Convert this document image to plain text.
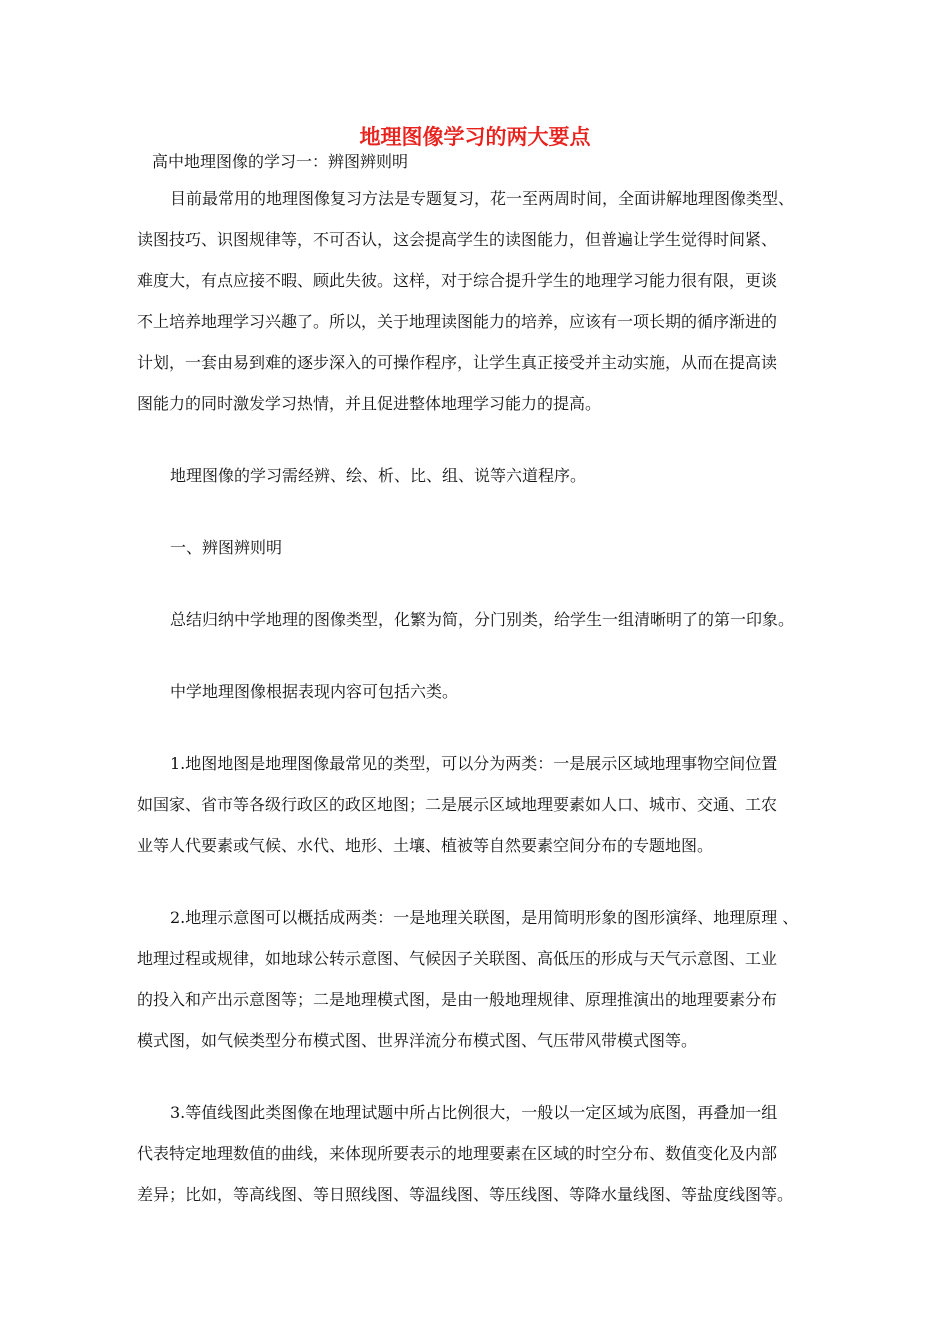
地理图像学习的两大要点
高中地理图像的学习一：辨图辨则明
目前最常用的地理图像复习方法是专题复习，花一至两周时间，全面讲解地理图像类型、
读图技巧、识图规律等，不可否认，这会提高学生的读图能力，但普遍让学生觉得时间紧、
难度大，有点应接不暇、顾此失彼。这样，对于综合提升学生的地理学习能力很有限，更谈
不上培养地理学习兴趣了。所以，关于地理读图能力的培养，应该有一项长期的循序渐进的
计划，一套由易到难的逐步深入的可操作程序，让学生真正接受并主动实施，从而在提高读
图能力的同时激发学习热情，并且促进整体地理学习能力的提高。
地理图像的学习需经辨、绘、析、比、组、说等六道程序。
一、辨图辨则明
总结归纳中学地理的图像类型，化繁为简，分门别类，给学生一组清晰明了的第一印象。
中学地理图像根据表现内容可包括六类。
1.地图地图是地理图像最常见的类型，可以分为两类：一是展示区域地理事物空间位置
如国家、省市等各级行政区的政区地图；二是展示区域地理要素如人口、城市、交通、工农
业等人代要素或气候、水代、地形、土壤、植被等自然要素空间分布的专题地图。
2.地理示意图可以概括成两类：一是地理关联图，是用简明形象的图形演绎、地理原理 、
地理过程或规律，如地球公转示意图、气候因子关联图、高低压的形成与天气示意图、工业
的投入和产出示意图等；二是地理模式图，是由一般地理规律、原理推演出的地理要素分布
模式图，如气候类型分布模式图、世界洋流分布模式图、气压带风带模式图等。
3.等值线图此类图像在地理试题中所占比例很大，一般以一定区域为底图，再叠加一组
代表特定地理数值的曲线，来体现所要表示的地理要素在区域的时空分布、数值变化及内部
差异；比如，等高线图、等日照线图、等温线图、等压线图、等降水量线图、等盐度线图等。
